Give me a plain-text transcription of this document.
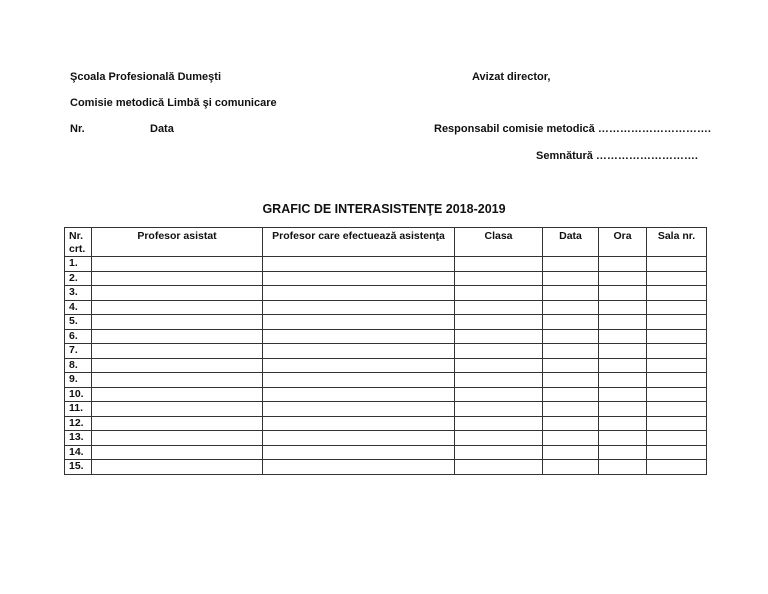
Şcoala Profesională Dumeşti	Avizat director,
Comisie metodică Limbă şi comunicare
Nr.	Data	Responsabil comisie metodică ………………………….
Semnătură ……………………….
GRAFIC DE INTERASISTENŢE 2018-2019
Nr.
crt.	Profesor asistat	Profesor care efectuează asistenţa	Clasa	Data	Ora	Sala nr.
1.						
2.						
3.						
4.						
5.						
6.						
7.						
8.						
9.						
10.						
11.						
12.						
13.						
14.						
15.						
